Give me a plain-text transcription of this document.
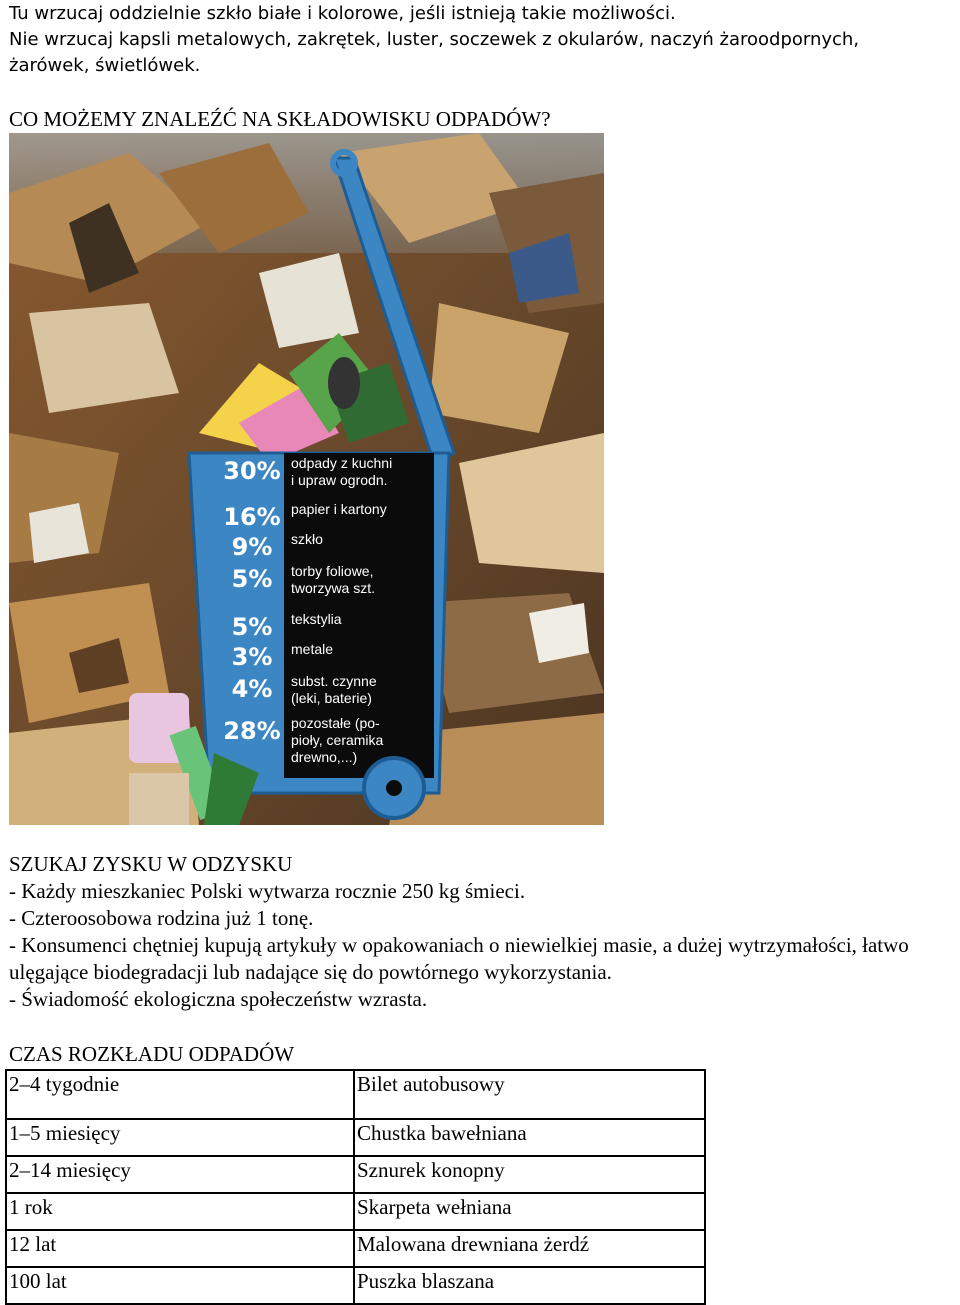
Tu wrzucaj oddzielnie szkło białe i kolorowe, jeśli istnieją takie możliwości.
Nie wrzucaj kapsli metalowych, zakrętek, luster, soczewek z okularów, naczyń żaroodpornych,
żarówek, świetlówek.
CO MOŻEMY ZNALEŹĆ NA SKŁADOWISKU ODPADÓW?
30% odpady z kuchni
i upraw ogrodn.
16% papier i kartony
9% szkło
5% torby foliowe,
tworzywa szt.
5% tekstylia
3% metale
4% subst. czynne
(leki, baterie)
28% pozostałe (po-
pioły, ceramika
drewno,...)
SZUKAJ ZYSKU W ODZYSKU
- Każdy mieszkaniec Polski wytwarza rocznie 250 kg śmieci.
- Czteroosobowa rodzina już 1 tonę.
- Konsumenci chętniej kupują artykuły w opakowaniach o niewielkiej masie, a dużej wytrzymałości, łatwo ulęgające biodegradacji lub nadające się do powtórnego wykorzystania.
- Świadomość ekologiczna społeczeństw wzrasta.
CZAS ROZKŁADU ODPADÓW
2–4 tygodnie	Bilet autobusowy
1–5 miesięcy	Chustka bawełniana
2–14 miesięcy	Sznurek konopny
1 rok	Skarpeta wełniana
12 lat	Malowana drewniana żerdź
100 lat	Puszka blaszana
